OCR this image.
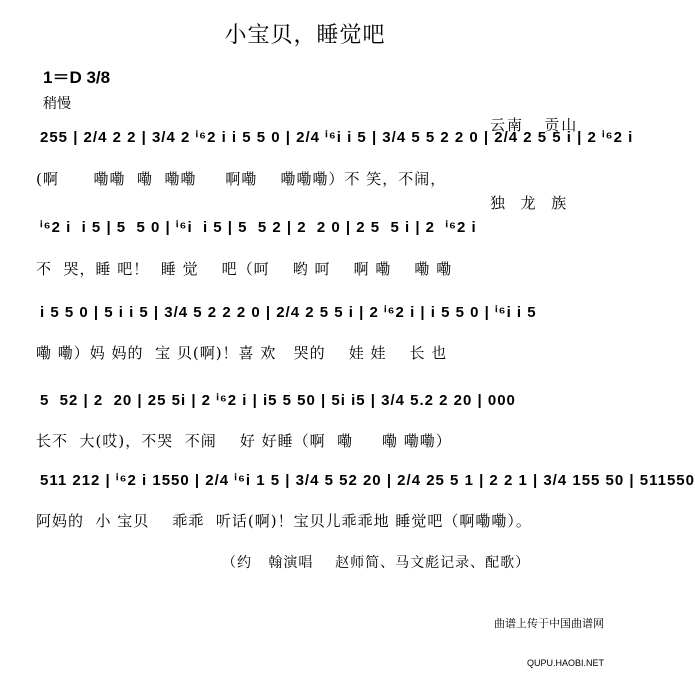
小宝贝，睡觉吧
1＝D 3/8
稍慢

云南   贡山

独  龙  族

255 | 2/4 2 2 | 3/4 2 ⁱ⁶2 i i 5 5 0 | 2/4 ⁱ⁶i i 5 | 3/4 5 5 2 2 0 | 2/4 2 5 5 i | 2 ⁱ⁶2 i
(啊      嘞嘞  嘞  嘞嘞     啊嘞    嘞嘞嘞）不 笑，不闹，
ⁱ⁶2 i  i 5 | 5  5 0 | ⁱ⁶i  i 5 | 5  5 2 | 2  2 0 | 2 5  5 i | 2  ⁱ⁶2 i
不  哭，睡 吧！  睡 觉    吧（呵    哟 呵    啊 嘞    嘞 嘞
i 5 5 0 | 5 i i 5 | 3/4 5 2 2 2 0 | 2/4 2 5 5 i | 2 ⁱ⁶2 i | i 5 5 0 | ⁱ⁶i i 5
嘞 嘞）妈 妈的  宝 贝(啊)！喜 欢   哭的    娃 娃    长 也
5  52 | 2  20 | 25 5i | 2 ⁱ⁶2 i | i5 5 50 | 5i i5 | 3/4 5.2 2 20 | 000
长不  大(哎)，不哭  不闹    好 好睡（啊  嘞     嘞 嘞嘞）
511 212 | ⁱ⁶2 i 1550 | 2/4 ⁱ⁶i 1 5 | 3/4 5 52 20 | 2/4 25 5 1 | 2 2 1 | 3/4 155 50 | 511550
阿妈的  小 宝贝    乖乖  听话(啊)！宝贝儿乖乖地 睡觉吧（啊嘞嘞）。
（约   翰演唱    赵师简、马文彪记录、配歌）

曲谱上传于中国曲谱网

QUPU.HAOBI.NET
